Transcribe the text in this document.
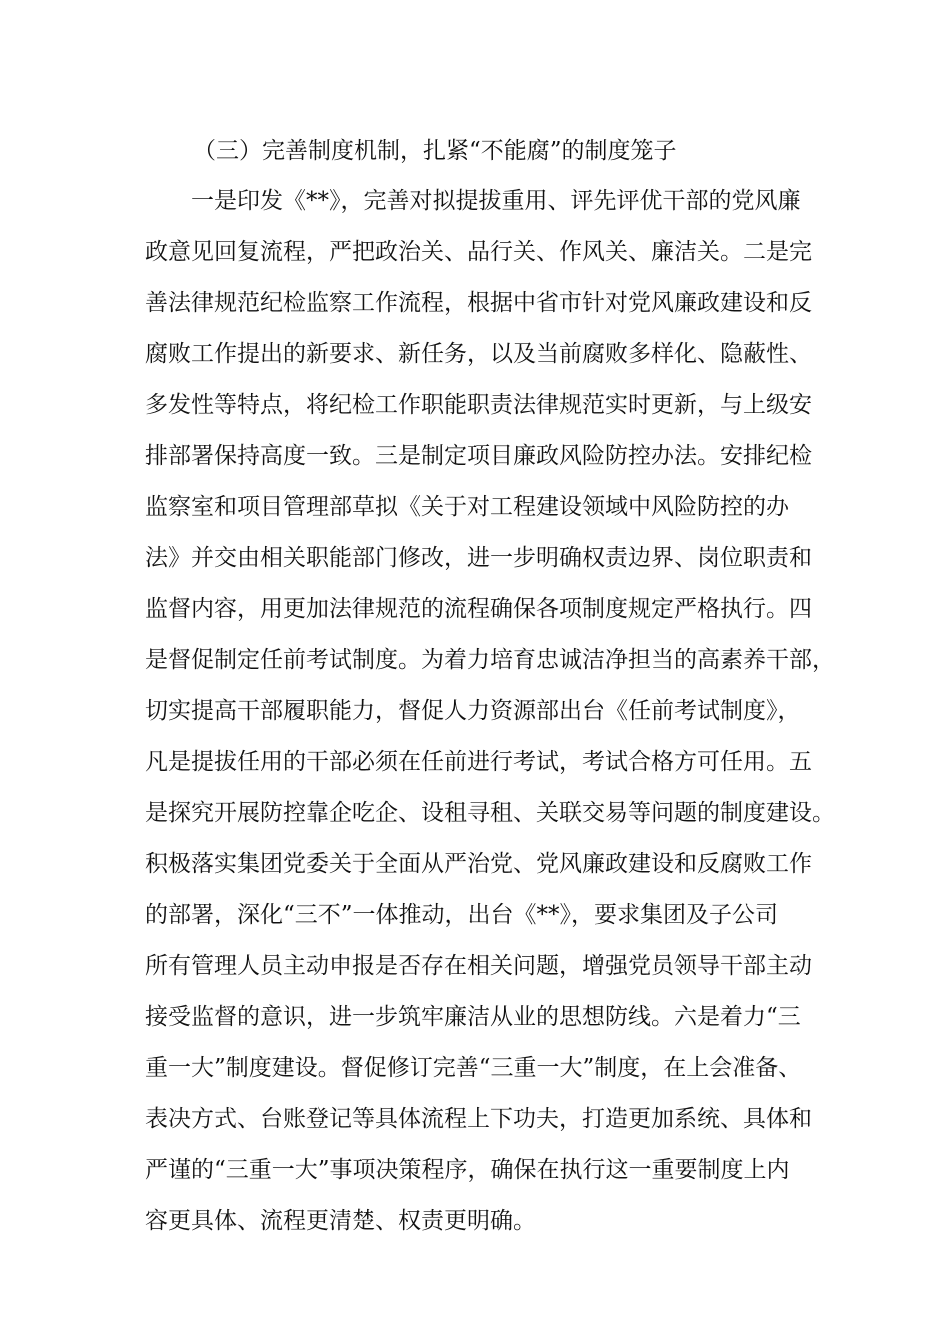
（三）完善制度机制，扎紧“不能腐”的制度笼子
一是印发《**》，完善对拟提拔重用、评先评优干部的党风廉
政意见回复流程，严把政治关、品行关、作风关、廉洁关。二是完
善法律规范纪检监察工作流程，根据中省市针对党风廉政建设和反
腐败工作提出的新要求、新任务，以及当前腐败多样化、隐蔽性、
多发性等特点，将纪检工作职能职责法律规范实时更新，与上级安
排部署保持高度一致。三是制定项目廉政风险防控办法。安排纪检
监察室和项目管理部草拟《关于对工程建设领域中风险防控的办
法》并交由相关职能部门修改，进一步明确权责边界、岗位职责和
监督内容，用更加法律规范的流程确保各项制度规定严格执行。四
是督促制定任前考试制度。为着力培育忠诚洁净担当的高素养干部，
切实提高干部履职能力，督促人力资源部出台《任前考试制度》，
凡是提拔任用的干部必须在任前进行考试，考试合格方可任用。五
是探究开展防控靠企吃企、设租寻租、关联交易等问题的制度建设。
积极落实集团党委关于全面从严治党、党风廉政建设和反腐败工作
的部署，深化“三不”一体推动，出台《**》，要求集团及子公司
所有管理人员主动申报是否存在相关问题，增强党员领导干部主动
接受监督的意识，进一步筑牢廉洁从业的思想防线。六是着力“三
重一大”制度建设。督促修订完善“三重一大”制度，在上会准备、
表决方式、台账登记等具体流程上下功夫，打造更加系统、具体和
严谨的“三重一大”事项决策程序，确保在执行这一重要制度上内
容更具体、流程更清楚、权责更明确。
